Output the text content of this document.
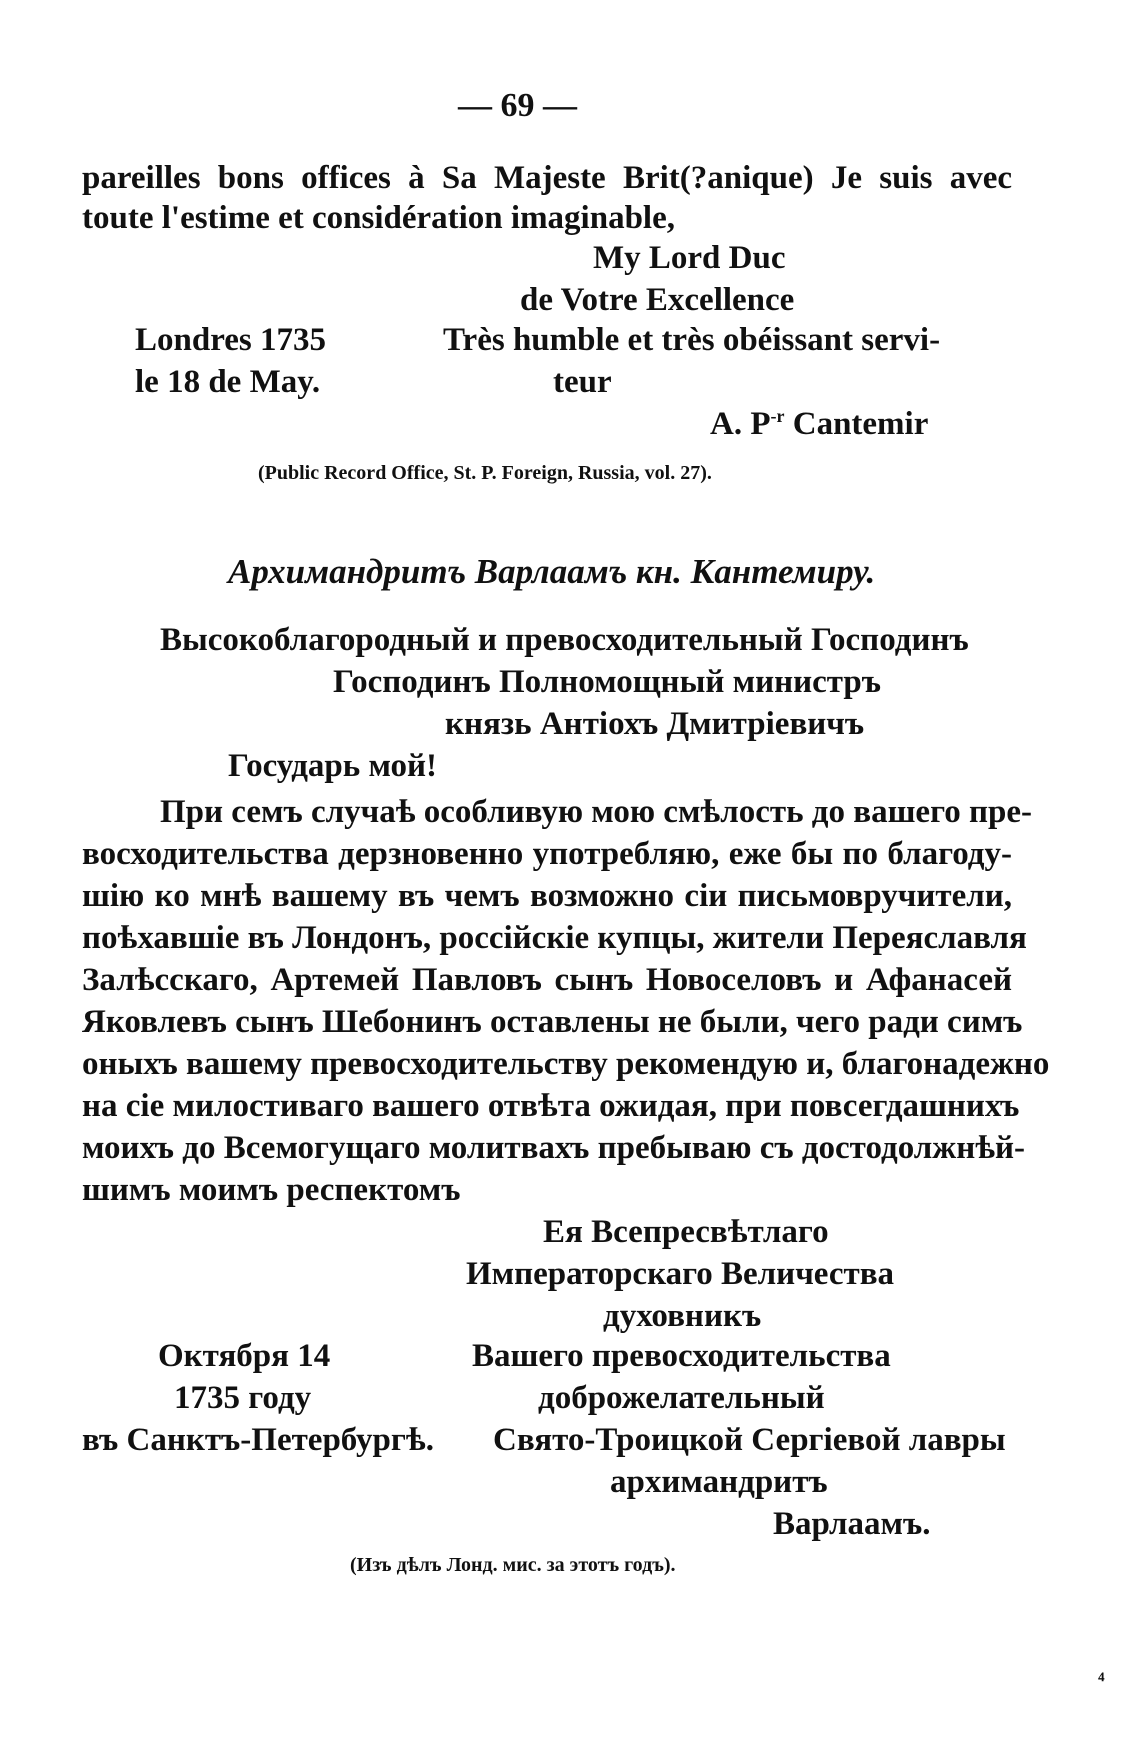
— 69 —
pareilles bons offices à Sa Majeste Brit(?anique) Je suis avec
toute l'estime et considération imaginable,
My Lord Duc
de Votre Excellence
Londres 1735
le 18 de May.
Très humble et très obéissant servi-
teur
A. $P^{-r}$ Cantemir
(Public Record Office, St. P. Foreign, Russia, vol. 27).
Архимандритъ Варлаамъ кн. Кантемиру.
Высокоблагородный и превосходительный Господинъ
Господинъ Полномощный министръ
князь Антіохъ Дмитріевичъ
Государь мой!
При семъ случаѣ особливую мою смѣлость до вашего пре-
восходительства дерзновенно употребляю, еже бы по благоду-
шію ко мнѣ вашему въ чемъ возможно сіи письмовручители,
поѣхавшіе въ Лондонъ, россійскіе купцы, жители Переяславля
Залѣсскаго, Артемей Павловъ сынъ Новоселовъ и Афанасей
Яковлевъ сынъ Шебонинъ оставлены не были, чего ради симъ
оныхъ вашему превосходительству рекомендую и, благонадежно
на сіе милостиваго вашего отвѣта ожидая, при повсегдашнихъ
моихъ до Всемогущаго молитвахъ пребываю съ достодолжнѣй-
шимъ моимъ респектомъ
Ея Всепресвѣтлаго
Императорскаго Величества
духовникъ
Вашего превосходительства
доброжелательный
Свято-Троицкой Сергіевой лавры
архимандритъ
Варлаамъ.
Октября 14
1735 году
въ Санктъ-Петербургѣ.
(Изъ дѣлъ Лонд. мис. за этотъ годъ).
⁴
